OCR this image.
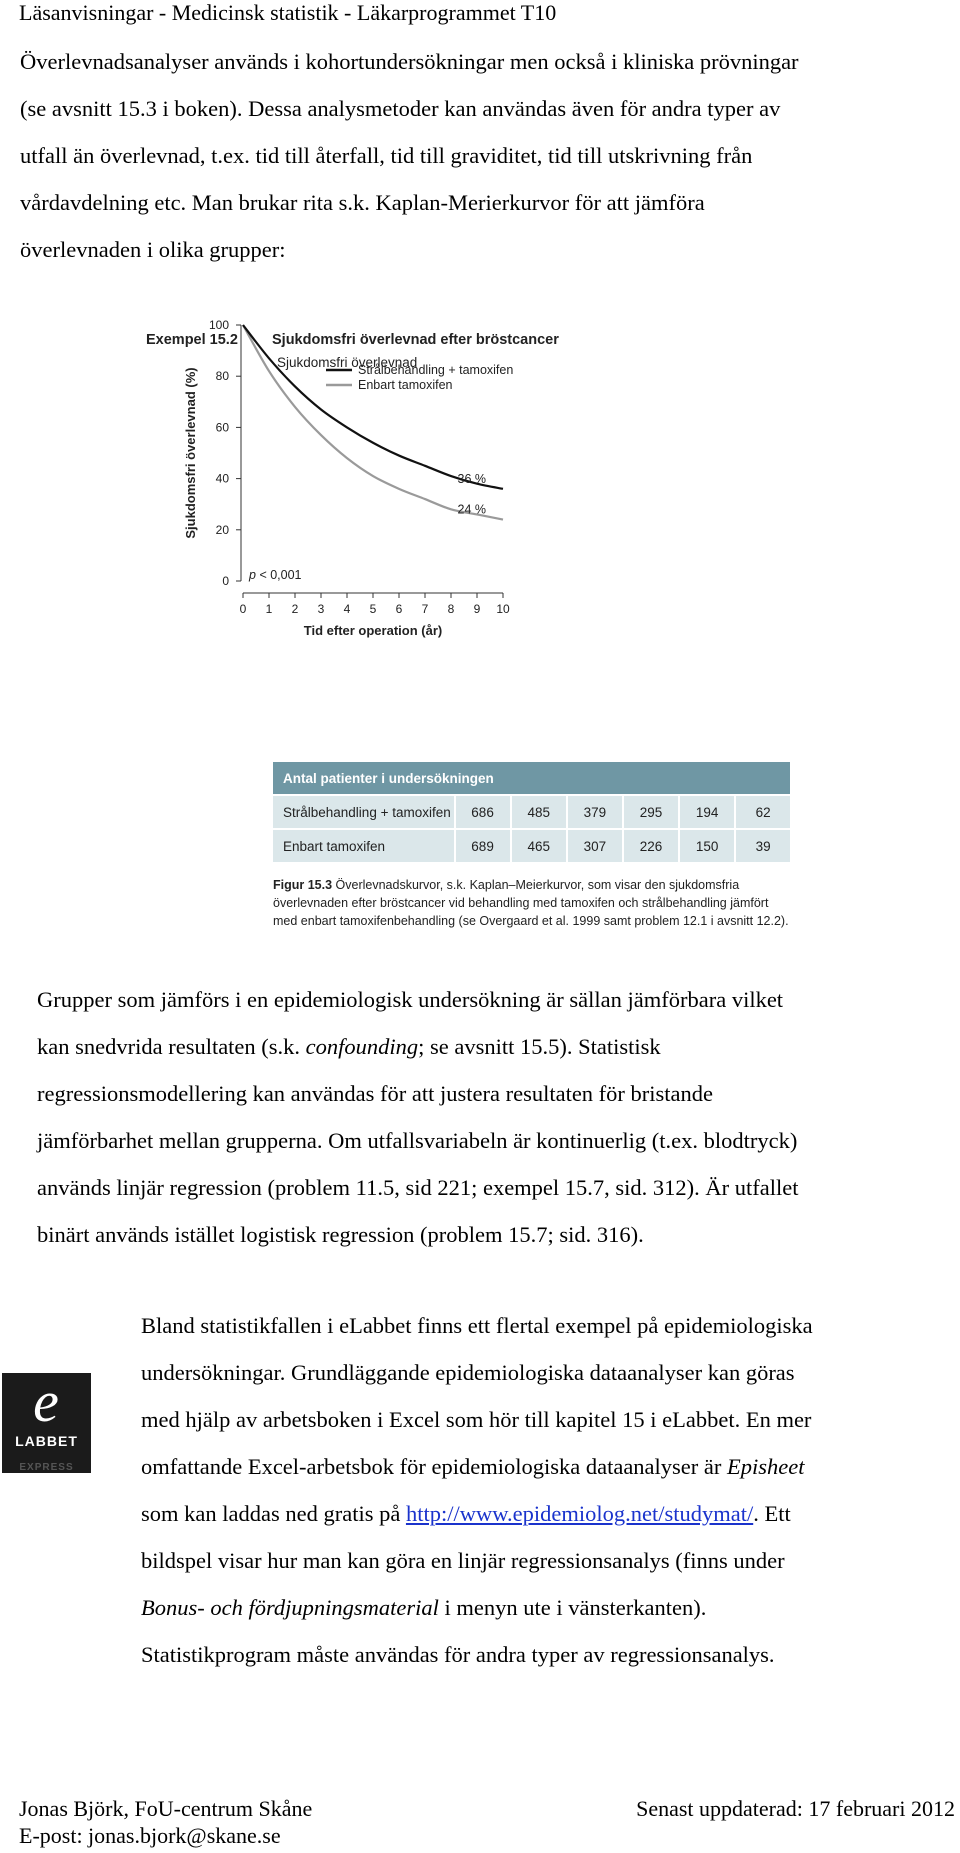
Läsanvisningar - Medicinsk statistik - Läkarprogrammet T10
Överlevnadsanalyser används i kohortundersökningar men också i kliniska prövningar
(se avsnitt 15.3 i boken). Dessa analysmetoder kan användas även för andra typer av
utfall än överlevnad, t.ex. tid till återfall, tid till graviditet, tid till utskrivning från
vårdavdelning etc. Man brukar rita s.k. Kaplan-Merierkurvor för att jämföra
överlevnaden i olika grupper:
Exempel 15.2 Sjukdomsfri överlevnad efter bröstcancer
Sjukdomsfri överlevnad
0
20
40
60
80
100
0 1 2 3 4 5 6 7 8 9 10
Tid efter operation (år)
Sjukdomsfri överlevnad (%)	Strålbehandling + tamoxifen
Enbart tamoxifen
36 %
24 %
p < 0,001
Antal patienter i undersökningen						
Strålbehandling + tamoxifen	686	485	379	295	194	62
Enbart tamoxifen	689	465	307	226	150	39
Figur 15.3 Överlevnadskurvor, s.k. Kaplan–Meierkurvor, som visar den sjukdomsfria överlevnaden efter bröstcancer vid behandling med tamoxifen och strålbehandling jämfört med enbart tamoxifenbehandling (se Overgaard et al. 1999 samt problem 12.1 i avsnitt 12.2).
Grupper som jämförs i en epidemiologisk undersökning är sällan jämförbara vilket
kan snedvrida resultaten (s.k. confounding; se avsnitt 15.5). Statistisk
regressionsmodellering kan användas för att justera resultaten för bristande
jämförbarhet mellan grupperna. Om utfallsvariabeln är kontinuerlig (t.ex. blodtryck)
används linjär regression (problem 11.5, sid 221; exempel 15.7, sid. 312). Är utfallet
binärt används istället logistisk regression (problem 15.7; sid. 316).
e
LABBET
EXPRESS
Bland statistikfallen i eLabbet finns ett flertal exempel på epidemiologiska
undersökningar. Grundläggande epidemiologiska dataanalyser kan göras
med hjälp av arbetsboken i Excel som hör till kapitel 15 i eLabbet. En mer
omfattande Excel-arbetsbok för epidemiologiska dataanalyser är Episheet
som kan laddas ned gratis på http://www.epidemiolog.net/studymat/. Ett
bildspel visar hur man kan göra en linjär regressionsanalys (finns under
Bonus- och fördjupningsmaterial i menyn ute i vänsterkanten).
Statistikprogram måste användas för andra typer av regressionsanalys.
Jonas Björk, FoU-centrum Skåne
E-post: jonas.bjork@skane.se
Senast uppdaterad: 17 februari 2012
